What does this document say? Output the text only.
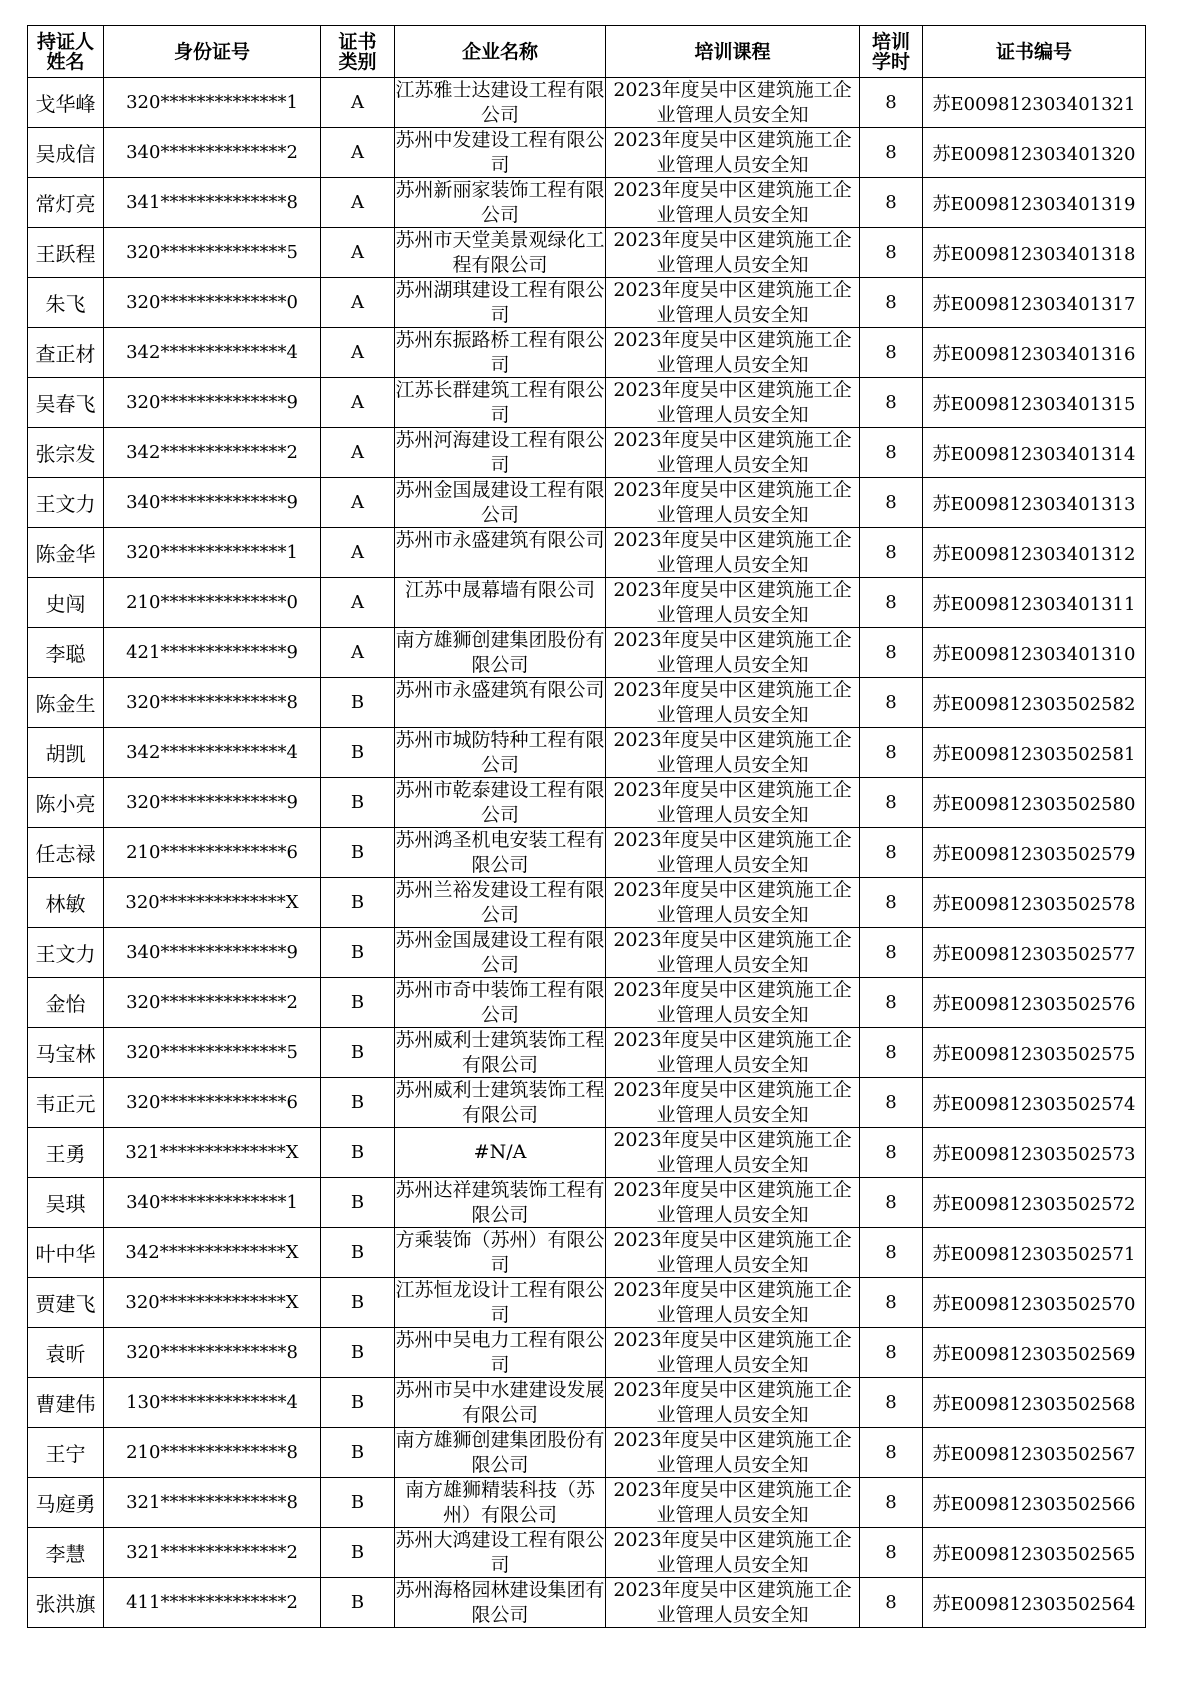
持证人姓名	身份证号	证书类别	企业名称	培训课程	培训学时	证书编号
戈华峰	320**************1	A	江苏雅士达建设工程有限公司	2023年度吴中区建筑施工企业管理人员安全知	8	苏E009812303401321
吴成信	340**************2	A	苏州中发建设工程有限公司	2023年度吴中区建筑施工企业管理人员安全知	8	苏E009812303401320
常灯亮	341**************8	A	苏州新丽家装饰工程有限公司	2023年度吴中区建筑施工企业管理人员安全知	8	苏E009812303401319
王跃程	320**************5	A	苏州市天堂美景观绿化工程有限公司	2023年度吴中区建筑施工企业管理人员安全知	8	苏E009812303401318
朱飞	320**************0	A	苏州湖琪建设工程有限公司	2023年度吴中区建筑施工企业管理人员安全知	8	苏E009812303401317
查正材	342**************4	A	苏州东振路桥工程有限公司	2023年度吴中区建筑施工企业管理人员安全知	8	苏E009812303401316
吴春飞	320**************9	A	江苏长群建筑工程有限公司	2023年度吴中区建筑施工企业管理人员安全知	8	苏E009812303401315
张宗发	342**************2	A	苏州河海建设工程有限公司	2023年度吴中区建筑施工企业管理人员安全知	8	苏E009812303401314
王文力	340**************9	A	苏州金国晟建设工程有限公司	2023年度吴中区建筑施工企业管理人员安全知	8	苏E009812303401313
陈金华	320**************1	A	苏州市永盛建筑有限公司	2023年度吴中区建筑施工企业管理人员安全知	8	苏E009812303401312
史闯	210**************0	A	江苏中晟幕墙有限公司	2023年度吴中区建筑施工企业管理人员安全知	8	苏E009812303401311
李聪	421**************9	A	南方雄狮创建集团股份有限公司	2023年度吴中区建筑施工企业管理人员安全知	8	苏E009812303401310
陈金生	320**************8	B	苏州市永盛建筑有限公司	2023年度吴中区建筑施工企业管理人员安全知	8	苏E009812303502582
胡凯	342**************4	B	苏州市城防特种工程有限公司	2023年度吴中区建筑施工企业管理人员安全知	8	苏E009812303502581
陈小亮	320**************9	B	苏州市乾泰建设工程有限公司	2023年度吴中区建筑施工企业管理人员安全知	8	苏E009812303502580
任志禄	210**************6	B	苏州鸿圣机电安装工程有限公司	2023年度吴中区建筑施工企业管理人员安全知	8	苏E009812303502579
林敏	320**************X	B	苏州兰裕发建设工程有限公司	2023年度吴中区建筑施工企业管理人员安全知	8	苏E009812303502578
王文力	340**************9	B	苏州金国晟建设工程有限公司	2023年度吴中区建筑施工企业管理人员安全知	8	苏E009812303502577
金怡	320**************2	B	苏州市奇中装饰工程有限公司	2023年度吴中区建筑施工企业管理人员安全知	8	苏E009812303502576
马宝林	320**************5	B	苏州威利士建筑装饰工程有限公司	2023年度吴中区建筑施工企业管理人员安全知	8	苏E009812303502575
韦正元	320**************6	B	苏州威利士建筑装饰工程有限公司	2023年度吴中区建筑施工企业管理人员安全知	8	苏E009812303502574
王勇	321**************X	B	#N/A	2023年度吴中区建筑施工企业管理人员安全知	8	苏E009812303502573
吴琪	340**************1	B	苏州达祥建筑装饰工程有限公司	2023年度吴中区建筑施工企业管理人员安全知	8	苏E009812303502572
叶中华	342**************X	B	方乘装饰（苏州）有限公司	2023年度吴中区建筑施工企业管理人员安全知	8	苏E009812303502571
贾建飞	320**************X	B	江苏恒龙设计工程有限公司	2023年度吴中区建筑施工企业管理人员安全知	8	苏E009812303502570
袁昕	320**************8	B	苏州中吴电力工程有限公司	2023年度吴中区建筑施工企业管理人员安全知	8	苏E009812303502569
曹建伟	130**************4	B	苏州市吴中水建建设发展有限公司	2023年度吴中区建筑施工企业管理人员安全知	8	苏E009812303502568
王宁	210**************8	B	南方雄狮创建集团股份有限公司	2023年度吴中区建筑施工企业管理人员安全知	8	苏E009812303502567
马庭勇	321**************8	B	南方雄狮精装科技（苏州）有限公司	2023年度吴中区建筑施工企业管理人员安全知	8	苏E009812303502566
李慧	321**************2	B	苏州大鸿建设工程有限公司	2023年度吴中区建筑施工企业管理人员安全知	8	苏E009812303502565
张洪旗	411**************2	B	苏州海格园林建设集团有限公司	2023年度吴中区建筑施工企业管理人员安全知	8	苏E009812303502564
